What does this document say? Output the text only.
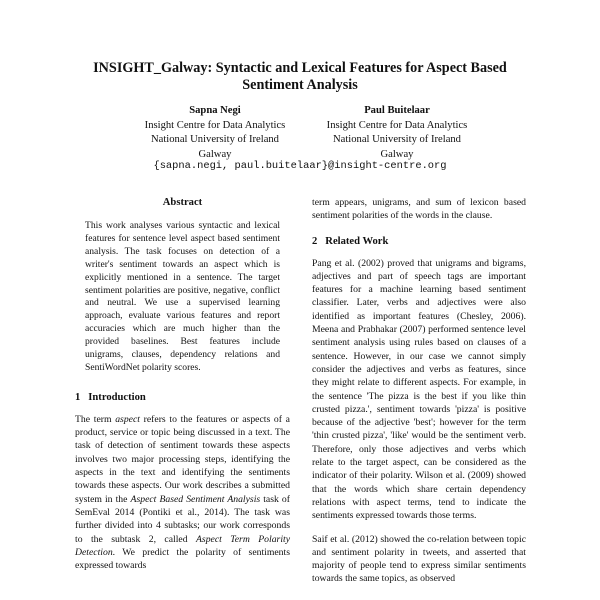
INSIGHT_Galway: Syntactic and Lexical Features for Aspect Based
Sentiment Analysis
Sapna Negi
Insight Centre for Data Analytics
National University of Ireland
Galway
Paul Buitelaar
Insight Centre for Data Analytics
National University of Ireland
Galway
{sapna.negi, paul.buitelaar}@insight-centre.org
Abstract

This work analyses various syntactic and lexical features for sentence level aspect based sentiment analysis. The task focuses on detection of a writer's sentiment towards an aspect which is explicitly mentioned in a sentence. The target sentiment polarities are positive, negative, conflict and neutral. We use a supervised learning approach, evaluate various features and report accuracies which are much higher than the provided baselines. Best features include unigrams, clauses, dependency relations and SentiWordNet polarity scores.

1 Introduction

The term aspect refers to the features or aspects of a product, service or topic being discussed in a text. The task of detection of sentiment towards these aspects involves two major processing steps, identifying the aspects in the text and identifying the sentiments towards these aspects. Our work describes a submitted system in the Aspect Based Sentiment Analysis task of SemEval 2014 (Pontiki et al., 2014). The task was further divided into 4 subtasks; our work corresponds to the subtask 2, called Aspect Term Polarity Detection. We predict the polarity of sentiments expressed towards

term appears, unigrams, and sum of lexicon based sentiment polarities of the words in the clause.

2 Related Work

Pang et al. (2002) proved that unigrams and bigrams, adjectives and part of speech tags are important features for a machine learning based sentiment classifier. Later, verbs and adjectives were also identified as important features (Chesley, 2006). Meena and Prabhakar (2007) performed sentence level sentiment analysis using rules based on clauses of a sentence. However, in our case we cannot simply consider the adjectives and verbs as features, since they might relate to different aspects. For example, in the sentence 'The pizza is the best if you like thin crusted pizza.', sentiment towards 'pizza' is positive because of the adjective 'best'; however for the term 'thin crusted pizza', 'like' would be the sentiment verb. Therefore, only those adjectives and verbs which relate to the target aspect, can be considered as the indicator of their polarity. Wilson et al. (2009) showed that the words which share certain dependency relations with aspect terms, tend to indicate the sentiments expressed towards those terms.

Saif et al. (2012) showed the co-relation between topic and sentiment polarity in tweets, and asserted that majority of people tend to express similar sentiments towards the same topics, as observed
